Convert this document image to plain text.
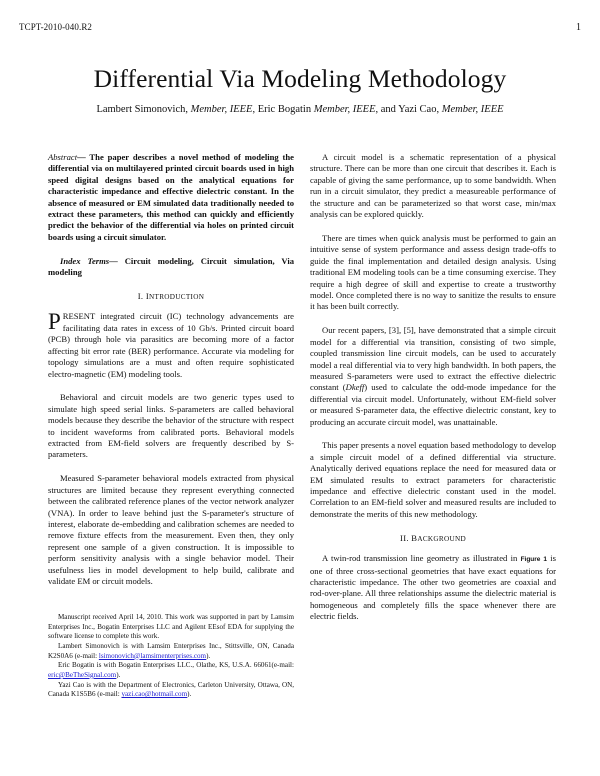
TCPT-2010-040.R2	1
Differential Via Modeling Methodology
Lambert Simonovich, Member, IEEE, Eric Bogatin Member, IEEE, and Yazi Cao, Member, IEEE

Abstract— The paper describes a novel method of modeling the differential via on multilayered printed circuit boards used in high speed digital designs based on the analytical equations for characteristic impedance and effective dielectric constant. In the absence of measured or EM simulated data traditionally needed to extract these parameters, this method can quickly and efficiently predict the behavior of the differential via holes on printed circuit boards using a circuit simulator.

Index Terms— Circuit modeling, Circuit simulation, Via modeling

I. INTRODUCTION

PRESENT integrated circuit (IC) technology advancements are facilitating data rates in excess of 10 Gb/s. Printed circuit board (PCB) through hole via parasitics are becoming more of a factor affecting bit error rate (BER) performance. Accurate via modeling for topology simulations are a must and often require sophisticated electro-magnetic (EM) modeling tools.

Behavioral and circuit models are two generic types used to simulate high speed serial links. S-parameters are called behavioral models because they describe the behavior of the structure with respect to incident waveforms from calibrated ports. Behavioral models extracted from EM-field solvers are frequently described by S-parameters.

Measured S-parameter behavioral models extracted from physical structures are limited because they represent everything connected between the calibrated reference planes of the vector network analyzer (VNA). In order to leave behind just the S-parameter's structure of interest, elaborate de-embedding and calibration schemes are needed to remove fixture effects from the measurement. Even then, they only represent one sample of a given construction. It is impossible to perform sensitivity analysis with a single behavior model. Their usefulness lies in model development to help build, calibrate and validate EM or circuit models.

Manuscript received April 14, 2010. This work was supported in part by Lamsim Enterprises Inc., Bogatin Enterprises LLC and Agilent EEsof EDA for supplying the software license to complete this work.

Lambert Simonovich is with Lamsim Enterprises Inc., Stittsville, ON, Canada K2S0A6 (e-mail: lsimonovich@lamsimenterprises.com).

Eric Bogatin is with Bogatin Enterprises LLC., Olathe, KS, U.S.A. 66061(e-mail: eric@BeTheSignal.com).

Yazi Cao is with the Department of Electronics, Carleton University, Ottawa, ON, Canada K1S5B6 (e-mail: yazi.cao@hotmail.com).

A circuit model is a schematic representation of a physical structure. There can be more than one circuit that describes it. Each is capable of giving the same performance, up to some bandwidth. When run in a circuit simulator, they predict a measureable performance of the structure and can be parameterized so that worst case, min/max analysis can be explored quickly.

There are times when quick analysis must be performed to gain an intuitive sense of system performance and assess design trade-offs to guide the final implementation and detailed design analysis. Using traditional EM modeling tools can be a time consuming exercise. They require a high degree of skill and expertise to create a trustworthy model. Once completed there is no way to sanitize the results to ensure it has been built correctly.

Our recent papers, [3], [5], have demonstrated that a simple circuit model for a differential via transition, consisting of two simple, coupled transmission line circuit models, can be used to accurately model a real differential via to very high bandwidth. In both papers, the measured S-parameters were used to extract the effective dielectric constant (Dkeff) used to calculate the odd-mode impedance for the differential via circuit model. Unfortunately, without EM-field solver or measured S-parameter data, the effective dielectric constant, key to producing an accurate circuit model, was unattainable.

This paper presents a novel equation based methodology to develop a simple circuit model of a defined differential via structure. Analytically derived equations replace the need for measured data or EM simulated results to extract parameters for characteristic impedance and effective dielectric constant used in the model. Correlation to an EM-field solver and measured results are included to demonstrate the merits of this new methodology.

II. BACKGROUND

A twin-rod transmission line geometry as illustrated in Figure 1 is one of three cross-sectional geometries that have exact equations for characteristic impedance. The other two geometries are coaxial and rod-over-plane. All three relationships assume the dielectric material is homogeneous and completely fills the space whenever there are electric fields.
